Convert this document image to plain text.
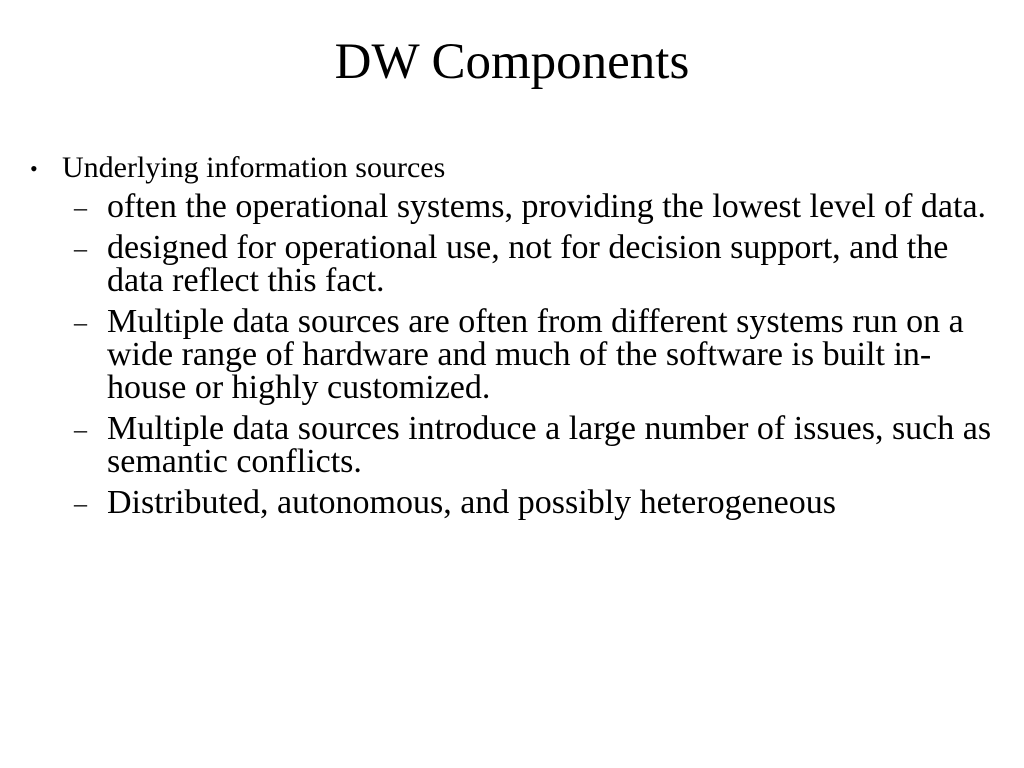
DW Components
• Underlying information sources
– often the operational systems, providing the lowest level of data.
– designed for operational use, not for decision support, and the data reflect this fact.
– Multiple data sources are often from different systems run on a wide range of hardware and much of the software is built in-house or highly customized.
– Multiple data sources introduce a large number of issues, such as semantic conflicts.
– Distributed, autonomous, and possibly heterogeneous
